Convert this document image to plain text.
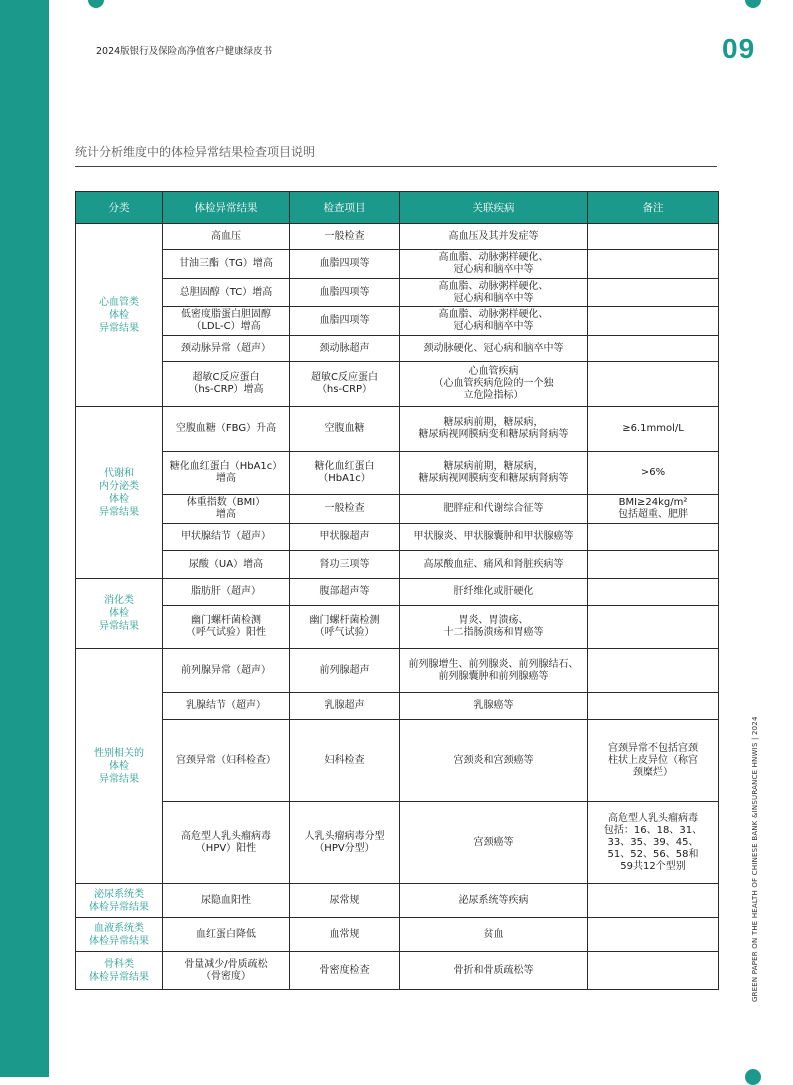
2024版银行及保险高净值客户健康绿皮书	09
统计分析维度中的体检异常结果检查项目说明
GREEN PAPER ON THE HEALTH OF CHINESE BANK &INSURANCE HNWIS | 2024
分类	体检异常结果	检查项目	关联疾病	备注
心血管类
体检
异常结果	高血压	一般检查	高血压及其并发症等	
	甘油三酯（TG）增高	血脂四项等	高血脂、动脉粥样硬化、
冠心病和脑卒中等	
	总胆固醇（TC）增高	血脂四项等	高血脂、动脉粥样硬化、
冠心病和脑卒中等	
	低密度脂蛋白胆固醇
（LDL-C）增高	血脂四项等	高血脂、动脉粥样硬化、
冠心病和脑卒中等	
	颈动脉异常（超声）	颈动脉超声	颈动脉硬化、冠心病和脑卒中等	
	超敏C反应蛋白
（hs-CRP）增高	超敏C反应蛋白
（hs-CRP）	心血管疾病
（心血管疾病危险的一个独
立危险指标）	
代谢和
内分泌类
体检
异常结果	空腹血糖（FBG）升高	空腹血糖	糖尿病前期，糖尿病，
糖尿病视网膜病变和糖尿病肾病等	≥6.1mmol/L
	糖化血红蛋白（HbA1c）
增高	糖化血红蛋白
（HbA1c）	糖尿病前期，糖尿病，
糖尿病视网膜病变和糖尿病肾病等	>6%
	体重指数（BMI）
增高	一般检查	肥胖症和代谢综合征等	BMI≥24kg/m²
包括超重、肥胖
	甲状腺结节（超声）	甲状腺超声	甲状腺炎、甲状腺囊肿和甲状腺癌等	
	尿酸（UA）增高	肾功三项等	高尿酸血症、痛风和肾脏疾病等	
消化类
体检
异常结果	脂肪肝（超声）	腹部超声等	肝纤维化或肝硬化	
	幽门螺杆菌检测
（呼气试验）阳性	幽门螺杆菌检测
（呼气试验）	胃炎、胃溃疡、
十二指肠溃疡和胃癌等	
性别相关的
体检
异常结果	前列腺异常（超声）	前列腺超声	前列腺增生、前列腺炎、前列腺结石、
前列腺囊肿和前列腺癌等	
	乳腺结节（超声）	乳腺超声	乳腺癌等	
	宫颈异常（妇科检查）	妇科检查	宫颈炎和宫颈癌等	宫颈异常不包括宫颈
柱状上皮异位（称宫
颈糜烂）
	高危型人乳头瘤病毒
（HPV）阳性	人乳头瘤病毒分型
（HPV分型）	宫颈癌等	高危型人乳头瘤病毒
包括：16、18、31、
33、35、39、45、
51、52、56、58和
59共12个型别
泌尿系统类
体检异常结果	尿隐血阳性	尿常规	泌尿系统等疾病	
血液系统类
体检异常结果	血红蛋白降低	血常规	贫血	
骨科类
体检异常结果	骨量减少/骨质疏松
（骨密度）	骨密度检查	骨折和骨质疏松等	
